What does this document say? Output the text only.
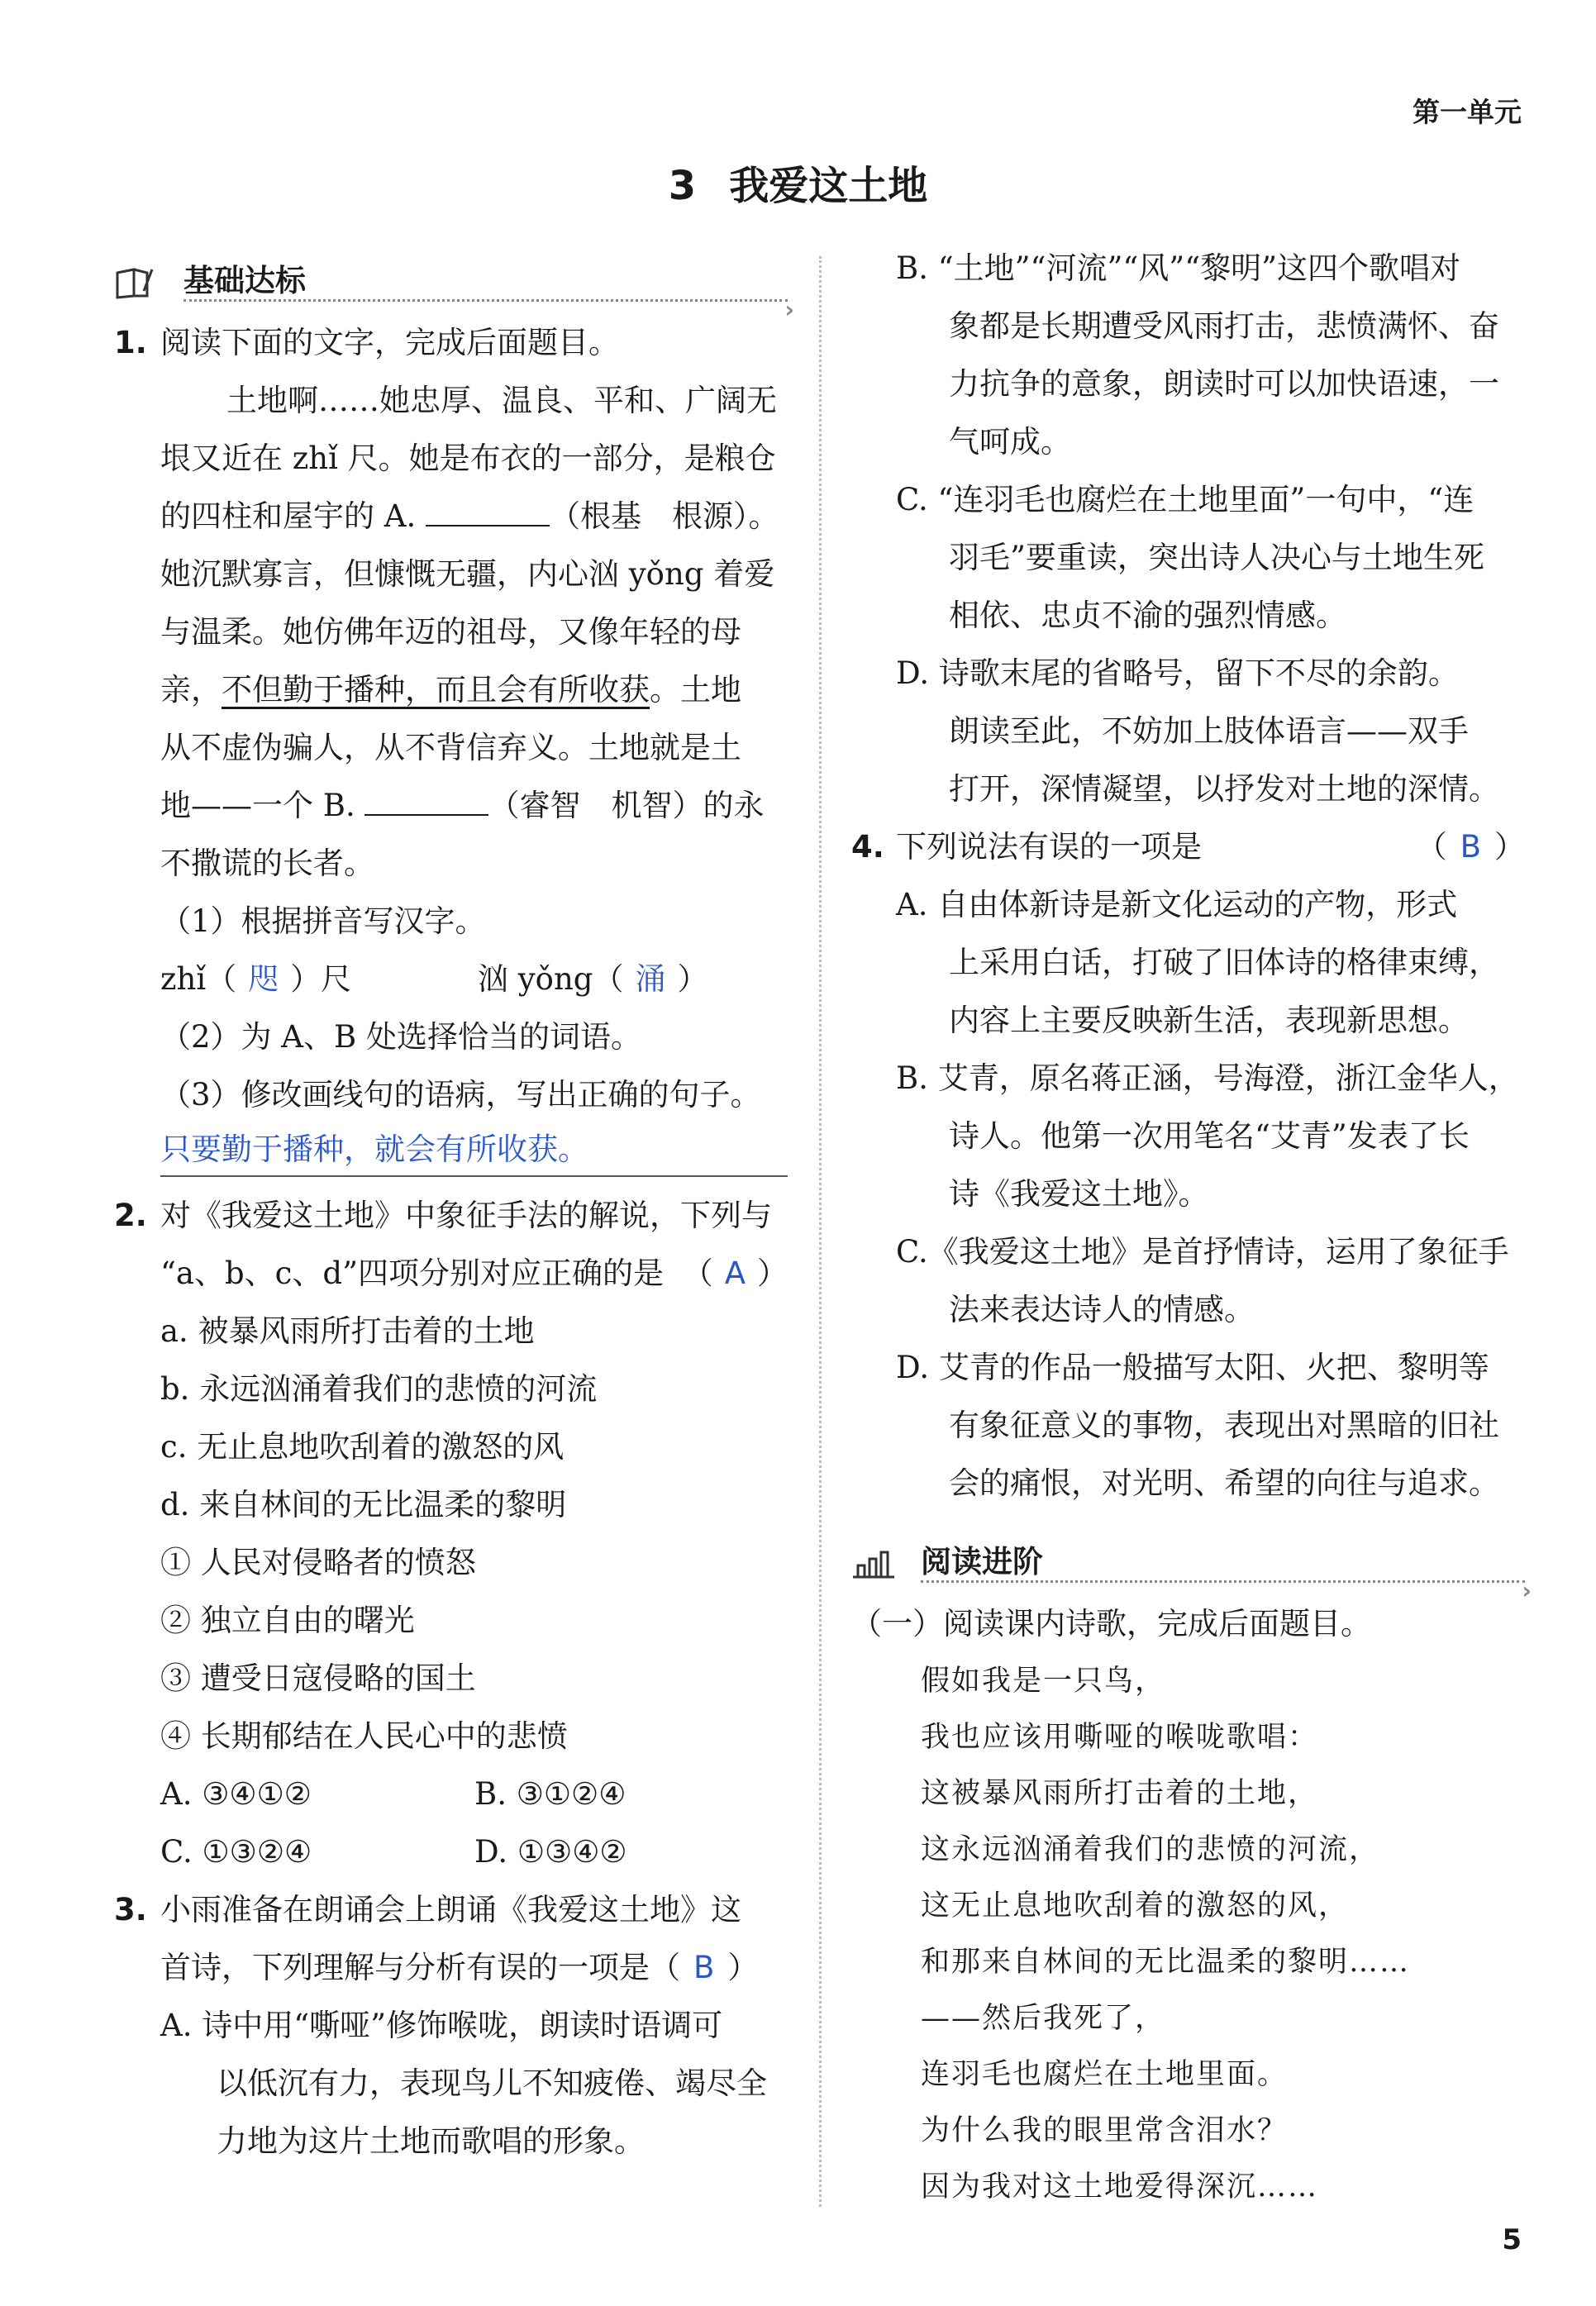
第一单元
3 我爱这土地
基础达标
›
1. 阅读下面的文字，完成后面题目。
土地啊……她忠厚、温良、平和、广阔无
垠又近在 zhǐ 尺。她是布衣的一部分，是粮仓
的四柱和屋宇的 A.	（根基　根源）。
她沉默寡言，但慷慨无疆，内心汹 yǒng 着爱
与温柔。她仿佛年迈的祖母，又像年轻的母
亲，不但勤于播种，而且会有所收获。土地
从不虚伪骗人，从不背信弃义。土地就是土
地——一个 B.	（睿智　机智）的永
不撒谎的长者。
（1）根据拼音写汉字。
zhǐ（ 咫 ）尺	汹 yǒng（ 涌 ）
（2）为 A、B 处选择恰当的词语。
（3）修改画线句的语病，写出正确的句子。
只要勤于播种，就会有所收获。
2. 对《我爱这土地》中象征手法的解说，下列与
“a、b、c、d”四项分别对应正确的是 （ A ）
a. 被暴风雨所打击着的土地
b. 永远汹涌着我们的悲愤的河流
c. 无止息地吹刮着的激怒的风
d. 来自林间的无比温柔的黎明
① 人民对侵略者的愤怒
② 独立自由的曙光
③ 遭受日寇侵略的国土
④ 长期郁结在人民心中的悲愤
A. ③④①②	B. ③①②④
C. ①③②④	D. ①③④②
3. 小雨准备在朗诵会上朗诵《我爱这土地》这
首诗，下列理解与分析有误的一项是（ B ）
A. 诗中用“嘶哑”修饰喉咙，朗读时语调可
以低沉有力，表现鸟儿不知疲倦、竭尽全
力地为这片土地而歌唱的形象。
B. “土地”“河流”“风”“黎明”这四个歌唱对
象都是长期遭受风雨打击，悲愤满怀、奋
力抗争的意象，朗读时可以加快语速，一
气呵成。
C. “连羽毛也腐烂在土地里面”一句中，“连
羽毛”要重读，突出诗人决心与土地生死
相依、忠贞不渝的强烈情感。
D. 诗歌末尾的省略号，留下不尽的余韵。
朗读至此，不妨加上肢体语言——双手
打开，深情凝望，以抒发对土地的深情。
4. 下列说法有误的一项是	（ B ）
A. 自由体新诗是新文化运动的产物，形式
上采用白话，打破了旧体诗的格律束缚，
内容上主要反映新生活，表现新思想。
B. 艾青，原名蒋正涵，号海澄，浙江金华人，
诗人。他第一次用笔名“艾青”发表了长
诗《我爱这土地》。
C.《我爱这土地》是首抒情诗，运用了象征手
法来表达诗人的情感。
D. 艾青的作品一般描写太阳、火把、黎明等
有象征意义的事物，表现出对黑暗的旧社
会的痛恨，对光明、希望的向往与追求。
阅读进阶
›
（一）阅读课内诗歌，完成后面题目。
假如我是一只鸟，
我也应该用嘶哑的喉咙歌唱：
这被暴风雨所打击着的土地，
这永远汹涌着我们的悲愤的河流，
这无止息地吹刮着的激怒的风，
和那来自林间的无比温柔的黎明……
——然后我死了，
连羽毛也腐烂在土地里面。
为什么我的眼里常含泪水？
因为我对这土地爱得深沉……
5
